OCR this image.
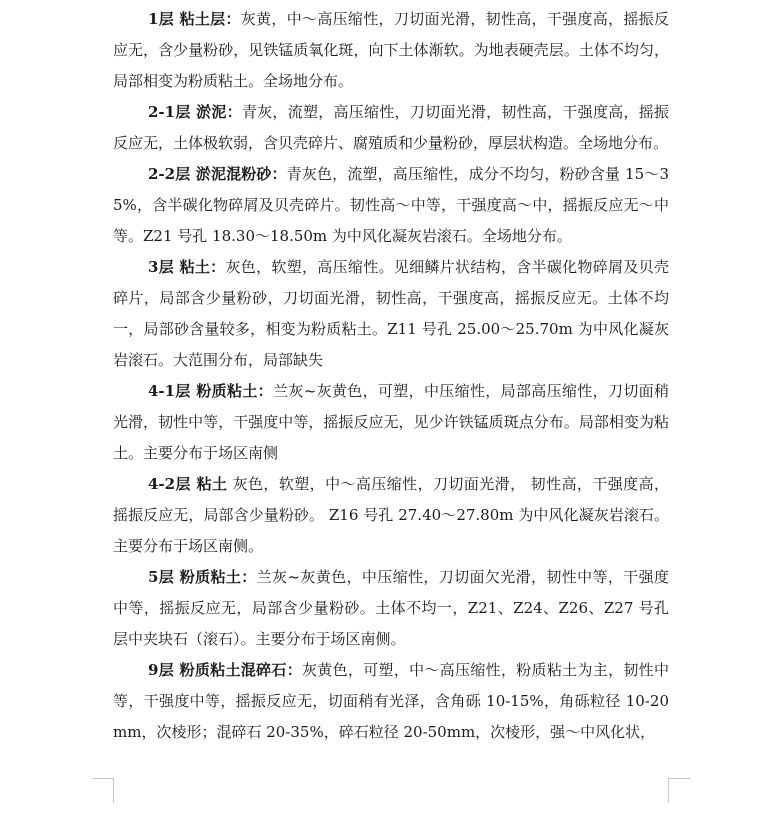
1层 粘土层：灰黄，中～高压缩性，刀切面光滑，韧性高，干强度高，摇振反应无，含少量粉砂，见铁锰质氧化斑，向下土体渐软。为地表硬壳层。土体不均匀，局部相变为粉质粘土。全场地分布。

2-1层 淤泥：青灰，流塑，高压缩性，刀切面光滑，韧性高，干强度高，摇振反应无，土体极软弱，含贝壳碎片、腐殖质和少量粉砂，厚层状构造。全场地分布。

2-2层 淤泥混粉砂：青灰色，流塑，高压缩性，成分不均匀，粉砂含量 15～35%，含半碳化物碎屑及贝壳碎片。韧性高～中等，干强度高～中，摇振反应无～中等。Z21 号孔 18.30～18.50m 为中风化凝灰岩滚石。全场地分布。

3层 粘土：灰色，软塑，高压缩性。见细鳞片状结构，含半碳化物碎屑及贝壳碎片，局部含少量粉砂，刀切面光滑，韧性高，干强度高，摇振反应无。土体不均一，局部砂含量较多，相变为粉质粘土。Z11 号孔 25.00～25.70m 为中风化凝灰岩滚石。大范围分布，局部缺失

4-1层 粉质粘土：兰灰~灰黄色，可塑，中压缩性，局部高压缩性，刀切面稍光滑，韧性中等，干强度中等，摇振反应无，见少许铁锰质斑点分布。局部相变为粘土。主要分布于场区南侧

4-2层 粘土 灰色，软塑，中～高压缩性，刀切面光滑， 韧性高，干强度高，摇振反应无，局部含少量粉砂。 Z16 号孔 27.40～27.80m 为中风化凝灰岩滚石。主要分布于场区南侧。

5层 粉质粘土：兰灰~灰黄色，中压缩性，刀切面欠光滑，韧性中等，干强度中等，摇振反应无，局部含少量粉砂。土体不均一，Z21、Z24、Z26、Z27 号孔层中夹块石（滚石）。主要分布于场区南侧。

9层 粉质粘土混碎石：灰黄色，可塑，中～高压缩性，粉质粘土为主，韧性中等，干强度中等，摇振反应无，切面稍有光泽，含角砾 10-15%，角砾粒径 10-20mm，次棱形；混碎石 20-35%，碎石粒径 20-50mm，次棱形，强～中风化状，
